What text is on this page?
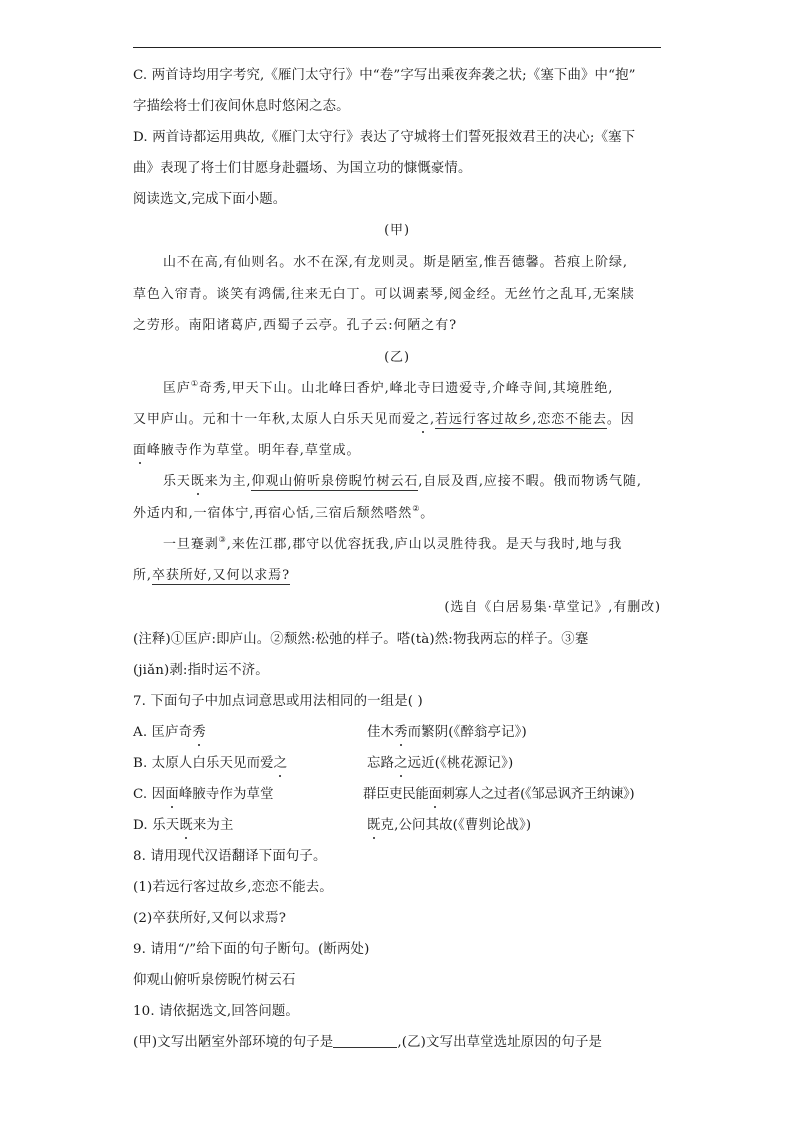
C. 两首诗均用字考究,《雁门太守行》中“卷”字写出乘夜奔袭之状;《塞下曲》中“抱”
字描绘将士们夜间休息时悠闲之态。
D. 两首诗都运用典故,《雁门太守行》表达了守城将士们誓死报效君王的决心;《塞下
曲》表现了将士们甘愿身赴疆场、为国立功的慷慨豪情。
阅读选文,完成下面小题。
(甲)
山不在高,有仙则名。水不在深,有龙则灵。斯是陋室,惟吾德馨。苔痕上阶绿,
草色入帘青。谈笑有鸿儒,往来无白丁。可以调素琴,阅金经。无丝竹之乱耳,无案牍
之劳形。南阳诸葛庐,西蜀子云亭。孔子云:何陋之有?
(乙)
匡庐①奇秀,甲天下山。山北峰曰香炉,峰北寺曰遗爱寺,介峰寺间,其境胜绝,
又甲庐山。元和十一年秋,太原人白乐天见而爱之,若远行客过故乡,恋恋不能去。因
面峰腋寺作为草堂。明年春,草堂成。
乐天既来为主,仰观山俯听泉傍睨竹树云石,自辰及酉,应接不暇。俄而物诱气随,
外适内和,一宿体宁,再宿心恬,三宿后颓然嗒然②。
一旦蹇剥③,来佐江郡,郡守以优容抚我,庐山以灵胜待我。是天与我时,地与我
所,卒获所好,又何以求焉?
(选自《白居易集·草堂记》,有删改)
(注释)①匡庐:即庐山。②颓然:松弛的样子。嗒(tà)然:物我两忘的样子。③蹇
(jiǎn)剥:指时运不济。
7. 下面句子中加点词意思或用法相同的一组是( )
A. 匡庐奇秀	佳木秀而繁阴(《醉翁亭记》)
B. 太原人白乐天见而爱之	忘路之远近(《桃花源记》)
C. 因面峰腋寺作为草堂	群臣吏民能面刺寡人之过者(《邹忌讽齐王纳谏》)
D. 乐天既来为主	既克,公问其故(《曹刿论战》)
8. 请用现代汉语翻译下面句子。
(1)若远行客过故乡,恋恋不能去。
(2)卒获所好,又何以求焉?
9. 请用“/”给下面的句子断句。(断两处)
仰观山俯听泉傍睨竹树云石
10. 请依据选文,回答问题。
(甲)文写出陋室外部环境的句子是	,(乙)文写出草堂选址原因的句子是
